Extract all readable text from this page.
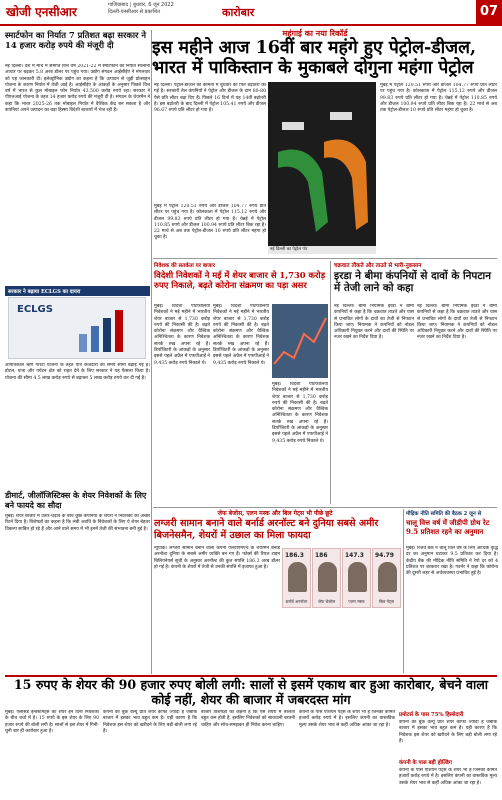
खोजी एनसीआर	गाजियाबाद | बुधवार, 6 जून 2022
दिल्ली-एनसीआर से प्रकाशित	कारोबार	07
महंगाई का नया रिकॉर्ड
स्मार्टफोन का निर्यात 7 प्रतिशत बढ़ा सरकार ने 14 हजार करोड़ रुपये की मंजूरी दी
नई दिल्ली। देश में मार्च में समाप्त वित्त वर्ष 2021-22 में स्मार्टफोन का निर्यात सालाना आधार पर बढ़कर 5.8 अरब डॉलर पर पहुंच गया। उद्योग संगठन आईसीईए ने मंगलवार को यह जानकारी दी। इलेक्ट्रॉनिक उद्योग का कहना है कि उत्पादन से जुड़ी प्रोत्साहन योजना के कारण निर्यात में तेजी आई है। आईसीईए के आंकड़ों के अनुसार पिछले वित्त वर्ष में भारत से कुल मोबाइल फोन निर्यात 43,500 करोड़ रुपये रहा। सरकार ने पीएलआई योजना के तहत 14 हजार करोड़ रुपये की मंजूरी दी है। संगठन के चेयरमैन ने कहा कि भारत 2025-26 तक मोबाइल निर्यात में वैश्विक केंद्र बन सकता है और कंपनियां अपने उत्पादन का बड़ा हिस्सा विदेशी बाजारों में भेज रही हैं।
सरकार ने बढ़ाया ECLGS का दायरा
ECLGS
आपातकाल ऋण गारंटी योजना के तहत पात्र कर्जदारों की समय सीमा बढ़ाई गई है। होटल, यात्रा और पर्यटन क्षेत्र को राहत देने के लिए सरकार ने यह फैसला किया है। योजना की सीमा 4.5 लाख करोड़ रुपये से बढ़ाकर 5 लाख करोड़ रुपये कर दी गई है।
डीमार्ट, जीलॉजिस्टिक्स के शेयर निवेशकों के लिए बने फायदे का सौदा
मुंबई। शेयर बाजार में उतार-चढ़ाव के बीच कुछ कंपनियों के शेयरों ने निवेशकों को अच्छा रिटर्न दिया है। विशेषज्ञों का कहना है कि लंबी अवधि के निवेशकों के लिए ये शेयर बेहतर विकल्प साबित हो रहे हैं और आने वाले समय में भी इनमें तेजी की संभावना बनी हुई है।
इस महीने आज 16वीं बार महंगे हुए पेट्रोल-डीजल, भारत में पाकिस्तान के मुकाबले दोगुना महंगा पेट्रोल
नई दिल्ली। पेट्रोल-डीजल की कीमतों में बुधवार को फिर बढ़ोतरी की गई है। सरकारी तेल कंपनियों ने पेट्रोल और डीजल के दाम 80-80 पैसे प्रति लीटर बढ़ा दिए हैं। पिछले 16 दिनों में यह 14वीं बढ़ोतरी है। इस बढ़ोतरी के बाद दिल्ली में पेट्रोल 105.41 रुपये और डीजल 96.67 रुपये प्रति लीटर हो गया है।
नई दिल्ली का पेट्रोल पंप
मुंबई में पेट्रोल 120.51 रुपये और डीजल 104.77 रुपये प्रति लीटर पर पहुंच गया है। कोलकाता में पेट्रोल 115.12 रुपये और डीजल 99.83 रुपये प्रति लीटर हो गया है। चेन्नई में पेट्रोल 110.85 रुपये और डीजल 100.94 रुपये प्रति लीटर बिक रहा है। 22 मार्च से अब तक पेट्रोल-डीजल 10 रुपये प्रति लीटर महंगा हो चुका है।
मुंबई में पेट्रोल 120.51 रुपये और डीजल 104.77 रुपये प्रति लीटर पर पहुंच गया है। कोलकाता में पेट्रोल 115.12 रुपये और डीजल 99.83 रुपये प्रति लीटर हो गया है। चेन्नई में पेट्रोल 110.85 रुपये और डीजल 100.94 रुपये प्रति लीटर बिक रहा है। 22 मार्च से अब तक पेट्रोल-डीजल 10 रुपये प्रति लीटर महंगा हो चुका है।
निवेशक की सतर्कता पर बाजार
विदेशी निवेशकों ने मई में शेयर बाजार से 1,730 करोड़ रुपए निकाले, बढ़ते कोरोना संक्रमण का पड़ा असर
मुंबई। विदेशी पोर्टफोलियो निवेशकों ने मई महीने में भारतीय शेयर बाजार से 1,730 करोड़ रुपये की निकासी की है। बढ़ते कोरोना संक्रमण और वैश्विक अनिश्चितता के कारण निवेशक सतर्क रुख अपना रहे हैं। डिपॉजिटरी के आंकड़ों के अनुसार इससे पहले अप्रैल में एफपीआई ने 9,435 करोड़ रुपये निकाले थे।
मुंबई। विदेशी पोर्टफोलियो निवेशकों ने मई महीने में भारतीय शेयर बाजार से 1,730 करोड़ रुपये की निकासी की है। बढ़ते कोरोना संक्रमण और वैश्विक अनिश्चितता के कारण निवेशक सतर्क रुख अपना रहे हैं। डिपॉजिटरी के आंकड़ों के अनुसार इससे पहले अप्रैल में एफपीआई ने 9,435 करोड़ रुपये निकाले थे।
मुंबई। विदेशी पोर्टफोलियो निवेशकों ने मई महीने में भारतीय शेयर बाजार से 1,730 करोड़ रुपये की निकासी की है। बढ़ते कोरोना संक्रमण और वैश्विक अनिश्चितता के कारण निवेशक सतर्क रुख अपना रहे हैं। डिपॉजिटरी के आंकड़ों के अनुसार इससे पहले अप्रैल में एफपीआई ने 9,435 करोड़ रुपये निकाले थे।
चक्रवात तौकते और ताउते से भारी-नुकसान
इरडा ने बीमा कंपनियों से दावों के निपटान में तेजी लाने को कहा
नई दिल्ली। बीमा नियामक इरडा ने बीमा कंपनियों से कहा है कि चक्रवात ताउते और यास से प्रभावित लोगों के दावों का तेजी से निपटान किया जाए। नियामक ने कंपनियों को नोडल अधिकारी नियुक्त करने और दावों की स्थिति पर नजर रखने का निर्देश दिया है।
नई दिल्ली। बीमा नियामक इरडा ने बीमा कंपनियों से कहा है कि चक्रवात ताउते और यास से प्रभावित लोगों के दावों का तेजी से निपटान किया जाए। नियामक ने कंपनियों को नोडल अधिकारी नियुक्त करने और दावों की स्थिति पर नजर रखने का निर्देश दिया है।
जेफ बेजोस, एलन मस्क और बिल गेट्स भी पीछे छूटे
लग्जरी सामान बनाने वाले बर्नार्ड अरनॉल्ट बने दुनिया सबसे अमीर बिजनेसमैन, शेयरों में उछाल का मिला फायदा
न्यूयॉर्क। लग्जरी सामान बनाने वाली कंपनी एलवीएमएच के चेयरमैन बर्नार्ड अरनॉल्ट दुनिया के सबसे अमीर व्यक्ति बन गए हैं। फोर्ब्स की रियल टाइम बिलियनेयर्स सूची के अनुसार अरनॉल्ट की कुल संपत्ति 186.3 अरब डॉलर हो गई है। कंपनी के शेयरों में तेजी से उनकी संपत्ति में इजाफा हुआ है।
186.3
बर्नार्ड अरनॉल्ट
186
जेफ बेजोस
147.3
एलन मस्क
94.79
बिल गेट्स
मौद्रिक नीति समिति की बैठक 2 जून से
चालू वित्त वर्ष में जीडीपी ग्रोथ रेट 9.5 प्रतिशत रहने का अनुमान
मुंबई। रिजर्व बैंक ने चालू वित्त वर्ष के लिए आर्थिक वृद्धि दर का अनुमान घटाकर 9.5 प्रतिशत कर दिया है। केंद्रीय बैंक की मौद्रिक नीति समिति ने रेपो दर को 4 प्रतिशत पर बरकरार रखा है। गवर्नर ने कहा कि कोरोना की दूसरी लहर से अर्थव्यवस्था प्रभावित हुई है।
15 रुपए के शेयर की 90 हजार रुपए बोली लगी: सालों से इसमें एकाथ बार हुआ कारोबार, बेचने वाला कोई नहीं, शेयर की बाजार में जबरदस्त मांग
मुंबई। एलसिड इन्वेस्टमेंट्स का शेयर इन दिनों निवेशकों के बीच चर्चा में है। 15 रुपये के इस शेयर के लिए 90 हजार रुपये की बोली लगी है। सालों से इस शेयर में गिनी-चुनी बार ही कारोबार हुआ है।
कंपनी का बुक वैल्यू प्रति शेयर काफी ज्यादा है जबकि बाजार में इसका भाव बहुत कम है। यही कारण है कि निवेशक इस शेयर को खरीदने के लिए बड़ी बोली लगा रहे हैं।
बाजार विशेषज्ञों का कहना है कि ऐसे शेयरों में तरलता बहुत कम होती है, इसलिए निवेशकों को सावधानी बरतनी चाहिए और सोच-समझकर ही निवेश करना चाहिए।
कंपनी के पास एशियन पेंट्स के शेयर भी हैं जिनकी कीमत हजारों करोड़ रुपये में है। इसलिए कंपनी का वास्तविक मूल्य उसके शेयर भाव से कहीं अधिक आंका जा रहा है।
प्रमोटर्स के पास 75% हिस्सेदारी
कंपनी का बुक वैल्यू प्रति शेयर काफी ज्यादा है जबकि बाजार में इसका भाव बहुत कम है। यही कारण है कि निवेशक इस शेयर को खरीदने के लिए बड़ी बोली लगा रहे हैं।
कंपनी के पास बड़ी होल्डिंग
कंपनी के पास एशियन पेंट्स के शेयर भी हैं जिनकी कीमत हजारों करोड़ रुपये में है। इसलिए कंपनी का वास्तविक मूल्य उसके शेयर भाव से कहीं अधिक आंका जा रहा है।
